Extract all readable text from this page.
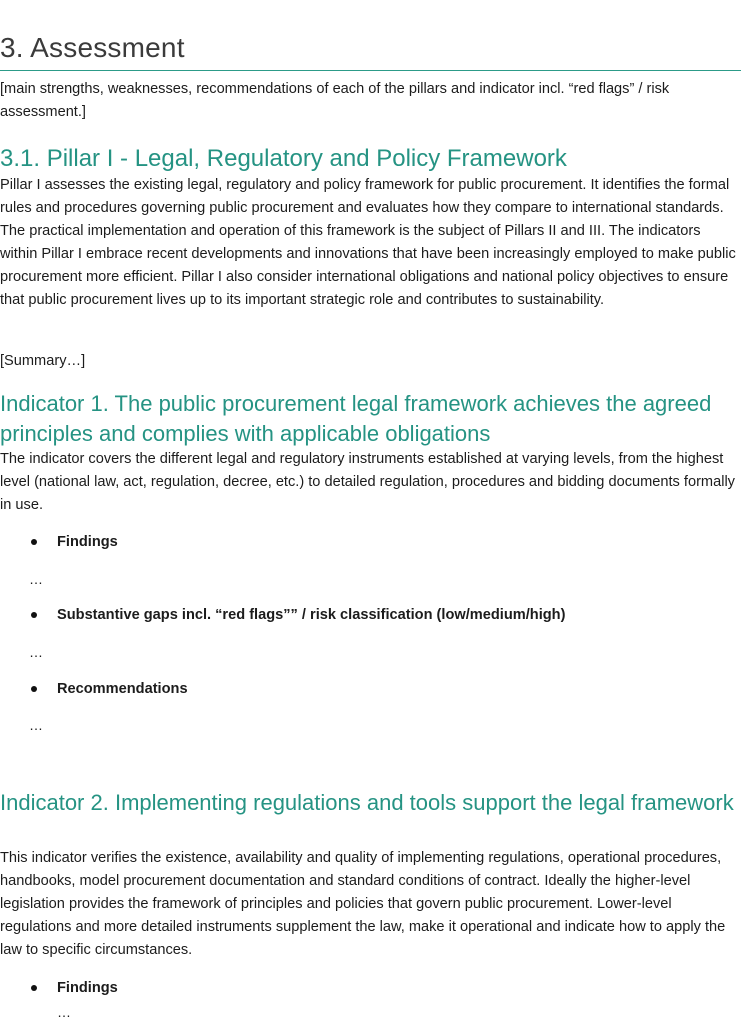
3. Assessment

[main strengths, weaknesses, recommendations of each of the pillars and indicator incl. “red flags” / risk assessment.]

3.1. Pillar I - Legal, Regulatory and Policy Framework

Pillar I assesses the existing legal, regulatory and policy framework for public procurement. It identifies the formal rules and procedures governing public procurement and evaluates how they compare to international standards. The practical implementation and operation of this framework is the subject of Pillars II and III. The indicators within Pillar I embrace recent developments and innovations that have been increasingly employed to make public procurement more efficient. Pillar I also consider international obligations and national policy objectives to ensure that public procurement lives up to its important strategic role and contributes to sustainability.

[Summary…]

Indicator 1. The public procurement legal framework achieves the agreed principles and complies with applicable obligations

The indicator covers the different legal and regulatory instruments established at varying levels, from the highest level (national law, act, regulation, decree, etc.) to detailed regulation, procedures and bidding documents formally in use.

Findings
…
Substantive gaps incl. “red flags”” / risk classification (low/medium/high)
…
Recommendations
…
Indicator 2. Implementing regulations and tools support the legal framework

This indicator verifies the existence, availability and quality of implementing regulations, operational procedures, handbooks, model procurement documentation and standard conditions of contract. Ideally the higher-level legislation provides the framework of principles and policies that govern public procurement. Lower-level regulations and more detailed instruments supplement the law, make it operational and indicate how to apply the law to specific circumstances.

Findings
…
